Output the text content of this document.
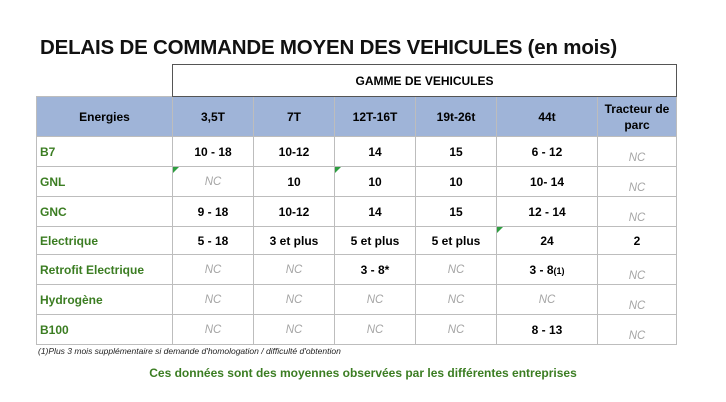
DELAIS DE COMMANDE MOYEN DES VEHICULES (en mois)
	GAMME DE VEHICULES					
Energies	3,5T	7T	12T-16T	19t-26t	44t	Tracteur de parc
B7	10 - 18	10-12	14	15	6 - 12	NC
GNL	NC	10	10	10	10- 14	NC
GNC	9 - 18	10-12	14	15	12 - 14	NC
Electrique	5 - 18	3 et plus	5 et plus	5 et plus	24	2
Retrofit Electrique	NC	NC	3 - 8*	NC	3 - 8(1)	NC
Hydrogène	NC	NC	NC	NC	NC	NC
B100	NC	NC	NC	NC	8 - 13	NC
(1)Plus 3 mois supplémentaire si demande d'homologation / difficulté d'obtention
Ces données sont des moyennes observées par les différentes entreprises
